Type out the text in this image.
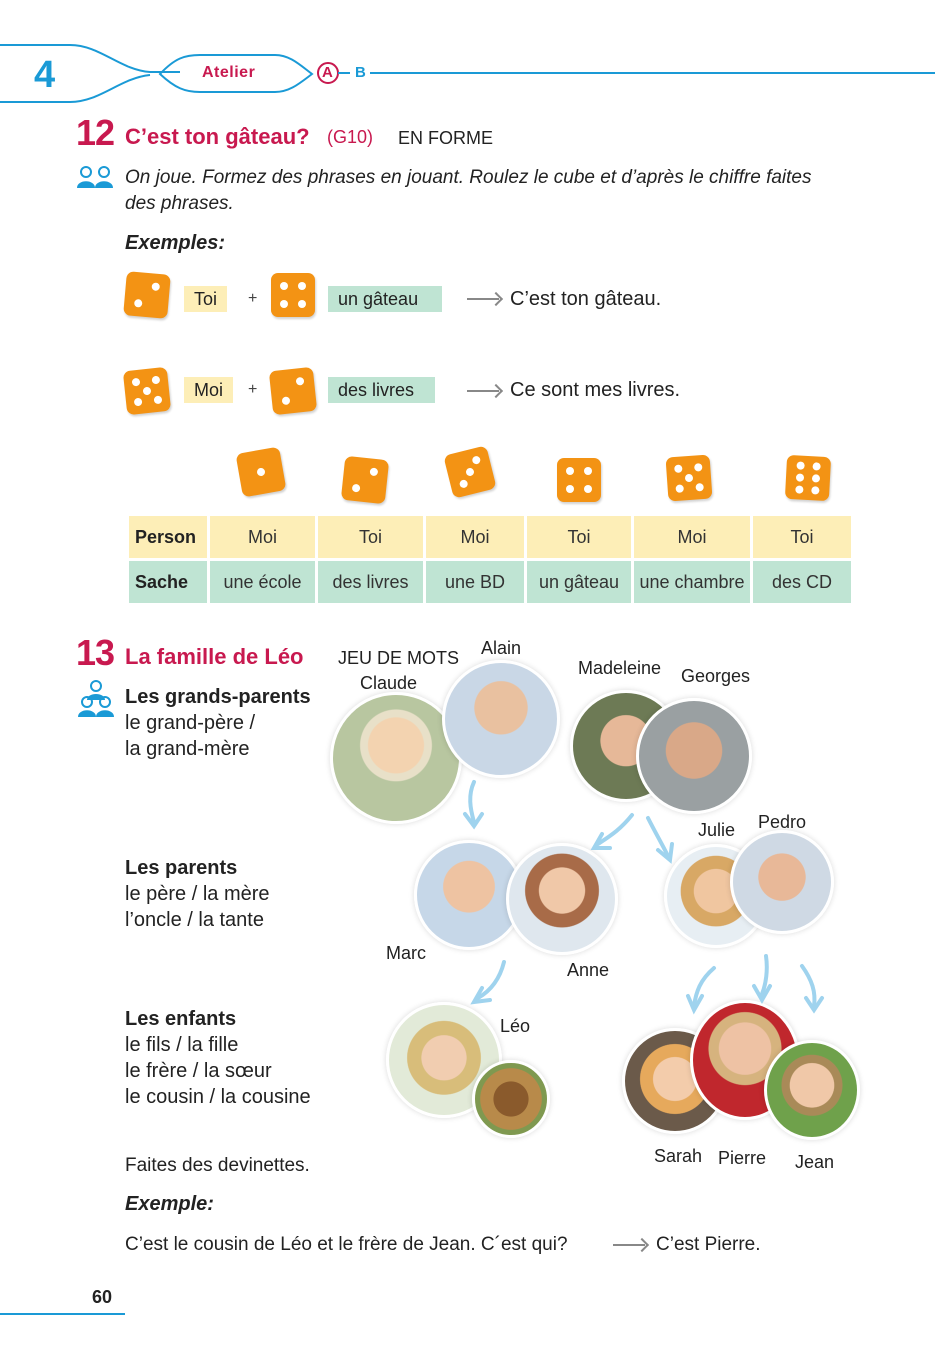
4	Atelier	A B
12 C’est ton gâteau? (G10) EN FORME
On joue. Formez des phrases en jouant. Roulez le cube et d’après le chiffre faites
des phrases.
Exemples:
Toi	+	un gâteau	C’est ton gâteau.
Moi	+	des livres	Ce sont mes livres.
Person	Moi	Toi	Moi	Toi	Moi	Toi
Sache	une école	des livres	une BD	un gâteau	une chambre	des CD
13 La famille de Léo JEU DE MOTS
Les grands-parents
le grand-père /
la grand-mère
Les parents
le père / la mère
l’oncle / la tante
Les enfants
le fils / la fille
le frère / la sœur
le cousin / la cousine
Alain
Claude
Madeleine Georges
Julie Pedro
Marc
Anne
Léo
Sarah Pierre Jean
Faites des devinettes.
Exemple:
C’est le cousin de Léo et le frère de Jean. C´est qui?	C’est Pierre.
60
